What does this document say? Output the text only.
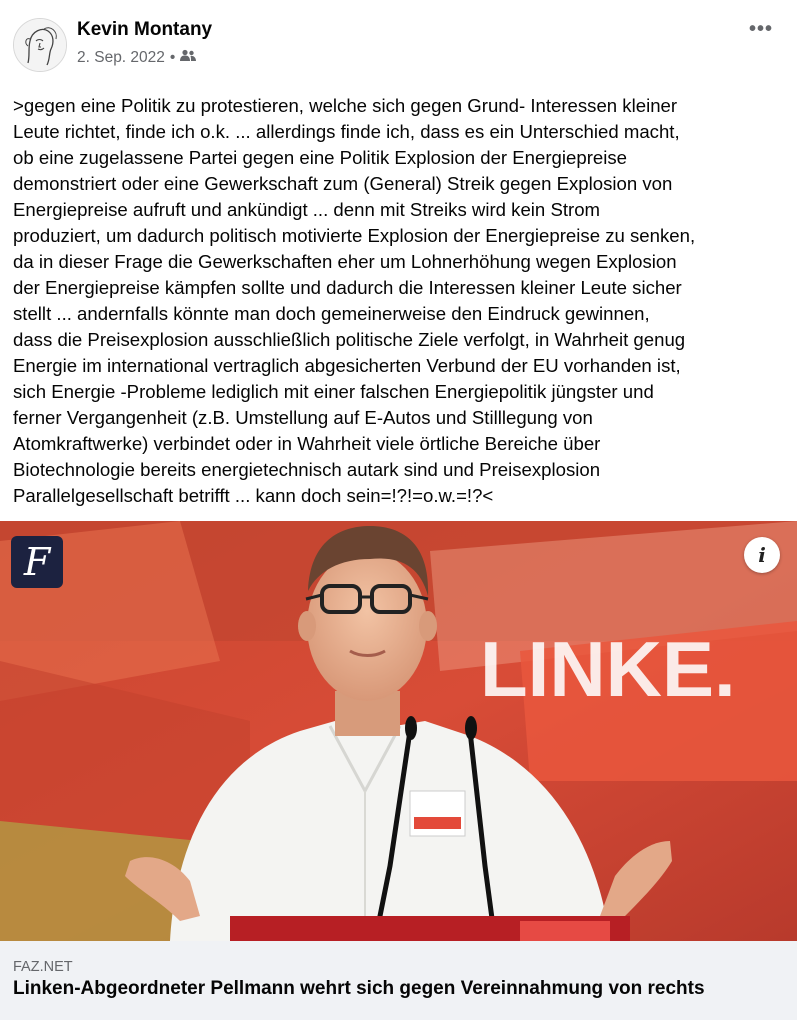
Kevin Montany
2. Sep. 2022 •
•••

>gegen eine Politik zu protestieren, welche sich gegen Grund- Interessen kleiner
Leute richtet, finde ich o.k. ... allerdings finde ich, dass es ein Unterschied macht,
ob eine zugelassene Partei gegen eine Politik Explosion der Energiepreise
demonstriert oder eine Gewerkschaft zum (General) Streik gegen Explosion von
Energiepreise aufruft und ankündigt ... denn mit Streiks wird kein Strom
produziert, um dadurch politisch motivierte Explosion der Energiepreise zu senken,
da in dieser Frage die Gewerkschaften eher um Lohnerhöhung wegen Explosion
der Energiepreise kämpfen sollte und dadurch die Interessen kleiner Leute sicher
stellt ... andernfalls könnte man doch gemeinerweise den Eindruck gewinnen,
dass die Preisexplosion ausschließlich politische Ziele verfolgt, in Wahrheit genug
Energie im international vertraglich abgesicherten Verbund der EU vorhanden ist,
sich Energie -Probleme lediglich mit einer falschen Energiepolitik jüngster und
ferner Vergangenheit (z.B. Umstellung auf E-Autos und Stilllegung von
Atomkraftwerke) verbindet oder in Wahrheit viele örtliche Bereiche über
Biotechnologie bereits energietechnisch autark sind und Preisexplosion
Parallelgesellschaft betrifft ... kann doch sein=!?!=o.w.=!?<

LINKE.
F	i
FAZ.NET
Linken-Abgeordneter Pellmann wehrt sich gegen Vereinnahmung von rechts
